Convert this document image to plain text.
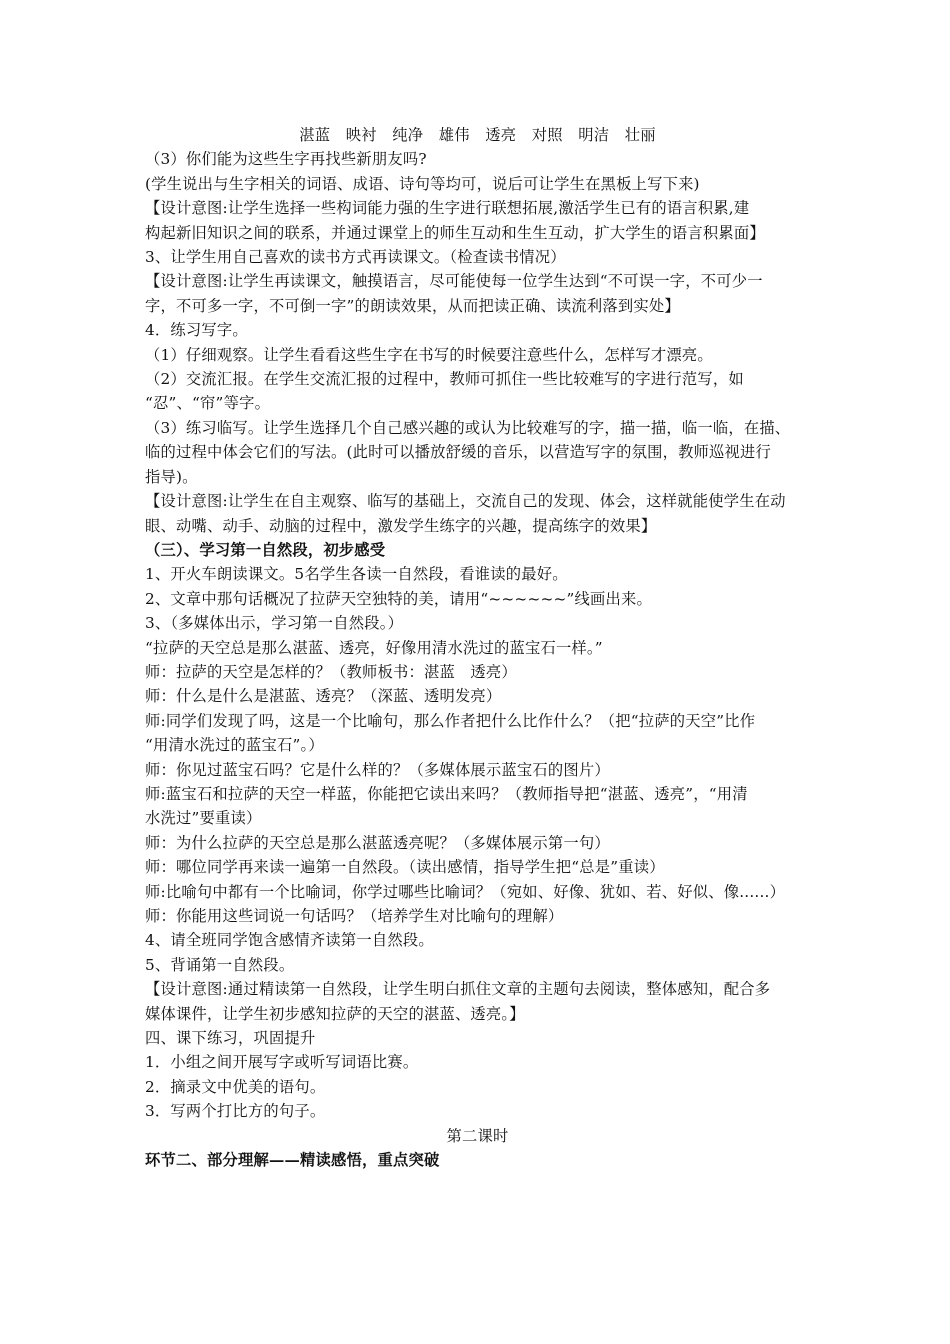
湛蓝　映衬　纯净　雄伟　透亮　对照　明洁　壮丽
（3）你们能为这些生字再找些新朋友吗?
(学生说出与生字相关的词语、成语、诗句等均可，说后可让学生在黑板上写下来)
【设计意图:让学生选择一些构词能力强的生字进行联想拓展,激活学生已有的语言积累,建
构起新旧知识之间的联系，并通过课堂上的师生互动和生生互动，扩大学生的语言积累面】
3、让学生用自己喜欢的读书方式再读课文。（检查读书情况）
【设计意图:让学生再读课文，触摸语言，尽可能使每一位学生达到“不可误一字，不可少一
字，不可多一字，不可倒一字”的朗读效果，从而把读正确、读流利落到实处】
4．练习写字。
（1）仔细观察。让学生看看这些生字在书写的时候要注意些什么，怎样写才漂亮。
（2）交流汇报。在学生交流汇报的过程中，教师可抓住一些比较难写的字进行范写，如
“忍”、“帘”等字。
（3）练习临写。让学生选择几个自己感兴趣的或认为比较难写的字，描一描，临一临，在描、
临的过程中体会它们的写法。(此时可以播放舒缓的音乐，以营造写字的氛围，教师巡视进行
指导)。
【设计意图:让学生在自主观察、临写的基础上，交流自己的发现、体会，这样就能使学生在动
眼、动嘴、动手、动脑的过程中，激发学生练字的兴趣，提高练字的效果】
（三）、学习第一自然段，初步感受
1、开火车朗读课文。5名学生各读一自然段，看谁读的最好。
2、文章中那句话概况了拉萨天空独特的美，请用“~~~~~~”线画出来。
3、（多媒体出示，学习第一自然段。）
“拉萨的天空总是那么湛蓝、透亮，好像用清水洗过的蓝宝石一样。”
师：拉萨的天空是怎样的？（教师板书：湛蓝　透亮）
师：什么是什么是湛蓝、透亮？（深蓝、透明发亮）
师:同学们发现了吗，这是一个比喻句，那么作者把什么比作什么？（把“拉萨的天空”比作
“用清水洗过的蓝宝石”。）
师：你见过蓝宝石吗？它是什么样的？（多媒体展示蓝宝石的图片）
师:蓝宝石和拉萨的天空一样蓝，你能把它读出来吗？（教师指导把“湛蓝、透亮”，“用清
水洗过”要重读）
师：为什么拉萨的天空总是那么湛蓝透亮呢？（多媒体展示第一句）
师：哪位同学再来读一遍第一自然段。（读出感情，指导学生把“总是”重读）
师:比喻句中都有一个比喻词，你学过哪些比喻词？（宛如、好像、犹如、若、好似、像......）
师：你能用这些词说一句话吗？（培养学生对比喻句的理解）
4、请全班同学饱含感情齐读第一自然段。
5、背诵第一自然段。
【设计意图:通过精读第一自然段，让学生明白抓住文章的主题句去阅读，整体感知，配合多
媒体课件，让学生初步感知拉萨的天空的湛蓝、透亮。】
四、课下练习，巩固提升
1．小组之间开展写字或听写词语比赛。
2．摘录文中优美的语句。
3．写两个打比方的句子。
第二课时
环节二、部分理解——精读感悟，重点突破
